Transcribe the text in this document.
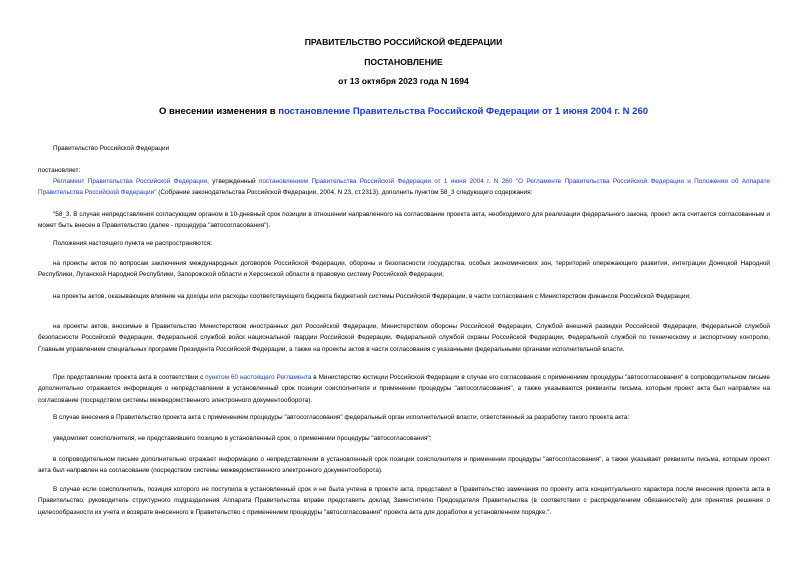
ПРАВИТЕЛЬСТВО РОССИЙСКОЙ ФЕДЕРАЦИИ
ПОСТАНОВЛЕНИЕ
от 13 октября 2023 года N 1694
О внесении изменения в постановление Правительства Российской Федерации от 1 июня 2004 г. N 260
Правительство Российской Федерации
постановляет:
Регламент Правительства Российской Федерации, утвержденный постановлением Правительства Российской Федерации от 1 июня 2004 г. N 260 "О Регламенте Правительства Российской Федерации и Положении об Аппарате Правительства Российской Федерации" (Собрание законодательства Российской Федерации, 2004, N 23, ст.2313), дополнить пунктом 58_3 следующего содержания:
"58_3. В случае непредставления согласующим органом в 10-дневный срок позиции в отношении направленного на согласование проекта акта, необходимого для реализации федерального закона, проект акта считается согласованным и может быть внесен в Правительство (далее - процедура "автосогласования").
Положения настоящего пункта не распространяются:
на проекты актов по вопросам заключения международных договоров Российской Федерации, обороны и безопасности государства, особых экономических зон, территорий опережающего развития, интеграции Донецкой Народной Республики, Луганской Народной Республики, Запорожской области и Херсонской области в правовую систему Российской Федерации;
на проекты актов, оказывающих влияние на доходы или расходы соответствующего бюджета бюджетной системы Российской Федерации, в части согласования с Министерством финансов Российской Федерации;
на проекты актов, вносимые в Правительство Министерством иностранных дел Российской Федерации, Министерством обороны Российской Федерации, Службой внешней разведки Российской Федерации, Федеральной службой безопасности Российской Федерации, Федеральной службой войск национальной гвардии Российской Федерации, Федеральной службой охраны Российской Федерации, Федеральной службой по техническому и экспортному контролю, Главным управлением специальных программ Президента Российской Федерации, а также на проекты актов в части согласования с указанными федеральными органами исполнительной власти.
При представлении проекта акта в соответствии с пунктом 60 настоящего Регламента в Министерство юстиции Российской Федерации в случае его согласования с применением процедуры "автосогласования" в сопроводительном письме дополнительно отражается информация о непредставлении в установленный срок позиции соисполнителя и применении процедуры "автосогласования", а также указываются реквизиты письма, которым проект акта был направлен на согласование (посредством системы межведомственного электронного документооборота).
В случае внесения в Правительство проекта акта с применением процедуры "автосогласования" федеральный орган исполнительной власти, ответственный за разработку такого проекта акта:
уведомляет соисполнителя, не представившего позицию в установленный срок, о применении процедуры "автосогласования";
в сопроводительном письме дополнительно отражает информацию о непредставлении в установленный срок позиции соисполнителя и применении процедуры "автосогласования", а также указывает реквизиты письма, которым проект акта был направлен на согласование (посредством системы межведомственного электронного документооборота).
В случае если соисполнитель, позиция которого не поступила в установленный срок и не была учтена в проекте акта, представил в Правительство замечания по проекту акта концептуального характера после внесения проекта акта в Правительство, руководитель структурного подразделения Аппарата Правительства вправе представить доклад Заместителю Председателя Правительства (в соответствии с распределением обязанностей) для принятия решения о целесообразности их учета и возврате внесенного в Правительство с применением процедуры "автосогласования" проекта акта для доработки в установленном порядке.".
